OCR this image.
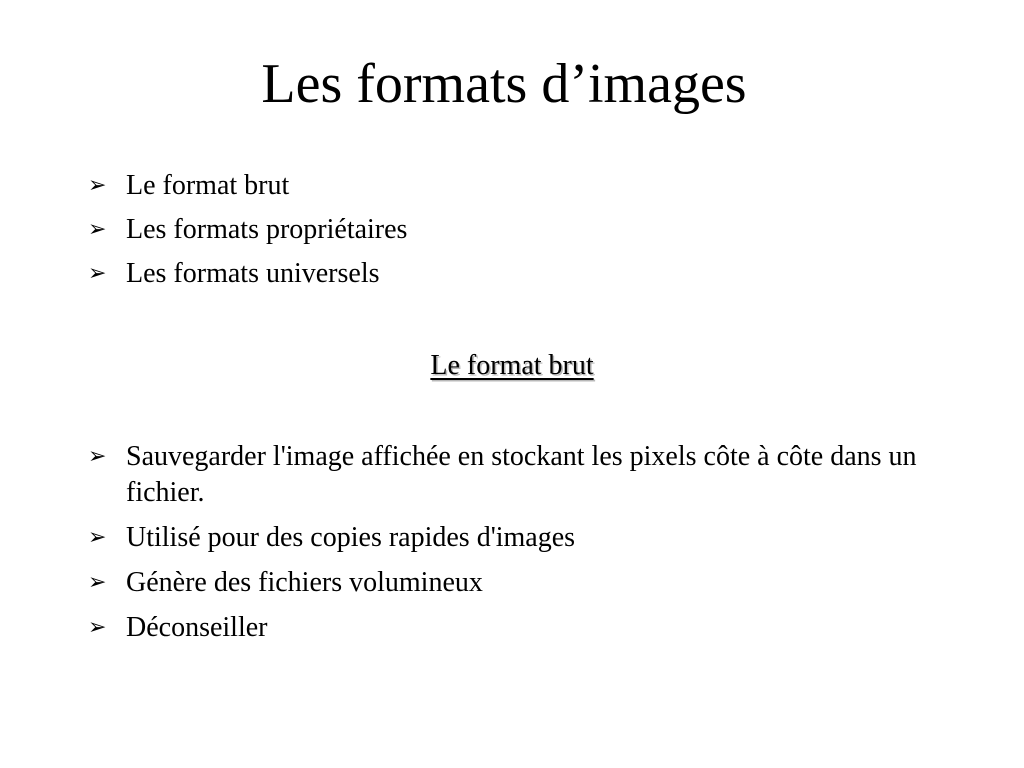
Les formats d’images
➢ Le format brut
➢ Les formats propriétaires
➢ Les formats universels
Le format brut
➢ Sauvegarder l'image affichée en stockant les pixels côte à côte dans un fichier.
➢ Utilisé pour des copies rapides d'images
➢ Génère des fichiers volumineux
➢ Déconseiller
